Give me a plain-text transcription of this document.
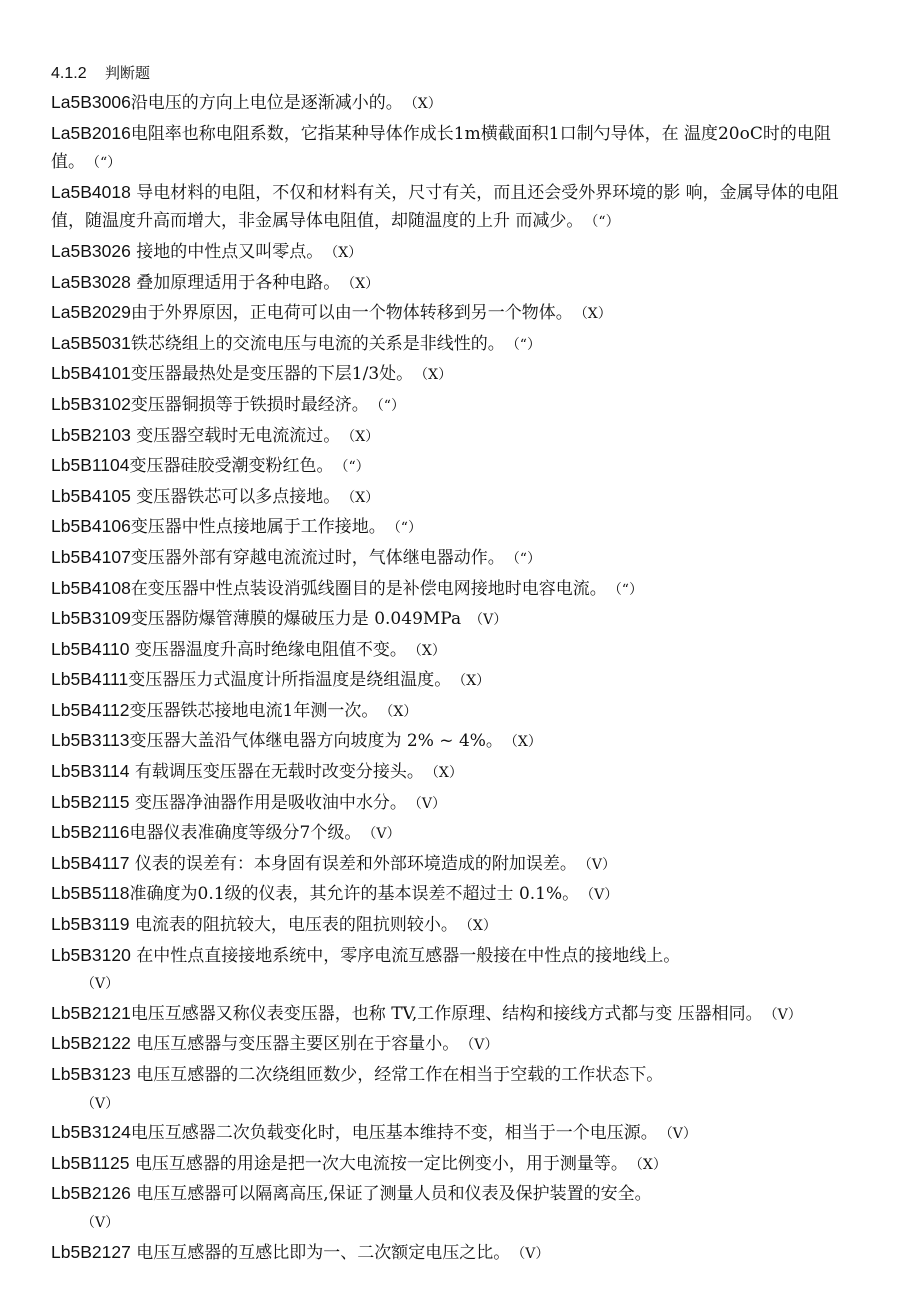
4.1.2 判断题

La5B3006沿电压的方向上电位是逐渐减小的。 （X）

La5B2016电阻率也称电阻系数，它指某种导体作成长1m横截面积1口制勺导体，在 温度20oC时的电阻值。 （“）

La5B4018 导电材料的电阻，不仅和材料有关，尺寸有关，而且还会受外界环境的影 响，金属导体的电阻值，随温度升高而增大，非金属导体电阻值，却随温度的上升 而减少。 （“）

La5B3026 接地的中性点又叫零点。 （X）

La5B3028 叠加原理适用于各种电路。 （X）

La5B2029由于外界原因，正电荷可以由一个物体转移到另一个物体。 （X）

La5B5031铁芯绕组上的交流电压与电流的关系是非线性的。 （“）

Lb5B4101变压器最热处是变压器的下层1/3处。 （X）

Lb5B3102变压器铜损等于铁损时最经济。 （“）

Lb5B2103 变压器空载时无电流流过。 （X）

Lb5B1104变压器硅胶受潮变粉红色。 （“）

Lb5B4105 变压器铁芯可以多点接地。 （X）

Lb5B4106变压器中性点接地属于工作接地。 （“）

Lb5B4107变压器外部有穿越电流流过时，气体继电器动作。 （“）

Lb5B4108在变压器中性点装设消弧线圈目的是补偿电网接地时电容电流。 （“）

Lb5B3109变压器防爆管薄膜的爆破压力是 0.049MPa （V）

Lb5B4110 变压器温度升高时绝缘电阻值不变。 （X）

Lb5B4111变压器压力式温度计所指温度是绕组温度。 （X）

Lb5B4112变压器铁芯接地电流1年测一次。 （X）

Lb5B3113变压器大盖沿气体继电器方向坡度为 2% ~ 4%。 （X）

Lb5B3114 有载调压变压器在无载时改变分接头。 （X）

Lb5B2115 变压器净油器作用是吸收油中水分。 （V）

Lb5B2116电器仪表准确度等级分7个级。 （V）

Lb5B4117 仪表的误差有：本身固有误差和外部环境造成的附加误差。 （V）

Lb5B5118准确度为0.1级的仪表，其允许的基本误差不超过士 0.1%。 （V）

Lb5B3119 电流表的阻抗较大，电压表的阻抗则较小。 （X）

Lb5B3120 在中性点直接接地系统中，零序电流互感器一般接在中性点的接地线上。
（V）

Lb5B2121电压互感器又称仪表变压器，也称 TV,工作原理、结构和接线方式都与变 压器相同。 （V）

Lb5B2122 电压互感器与变压器主要区别在于容量小。 （V）

Lb5B3123 电压互感器的二次绕组匝数少，经常工作在相当于空载的工作状态下。
（V）

Lb5B3124电压互感器二次负载变化时，电压基本维持不变，相当于一个电压源。 （V）

Lb5B1125 电压互感器的用途是把一次大电流按一定比例变小，用于测量等。 （X）

Lb5B2126 电压互感器可以隔离高压,保证了测量人员和仪表及保护装置的安全。
（V）

Lb5B2127 电压互感器的互感比即为一、二次额定电压之比。 （V）
